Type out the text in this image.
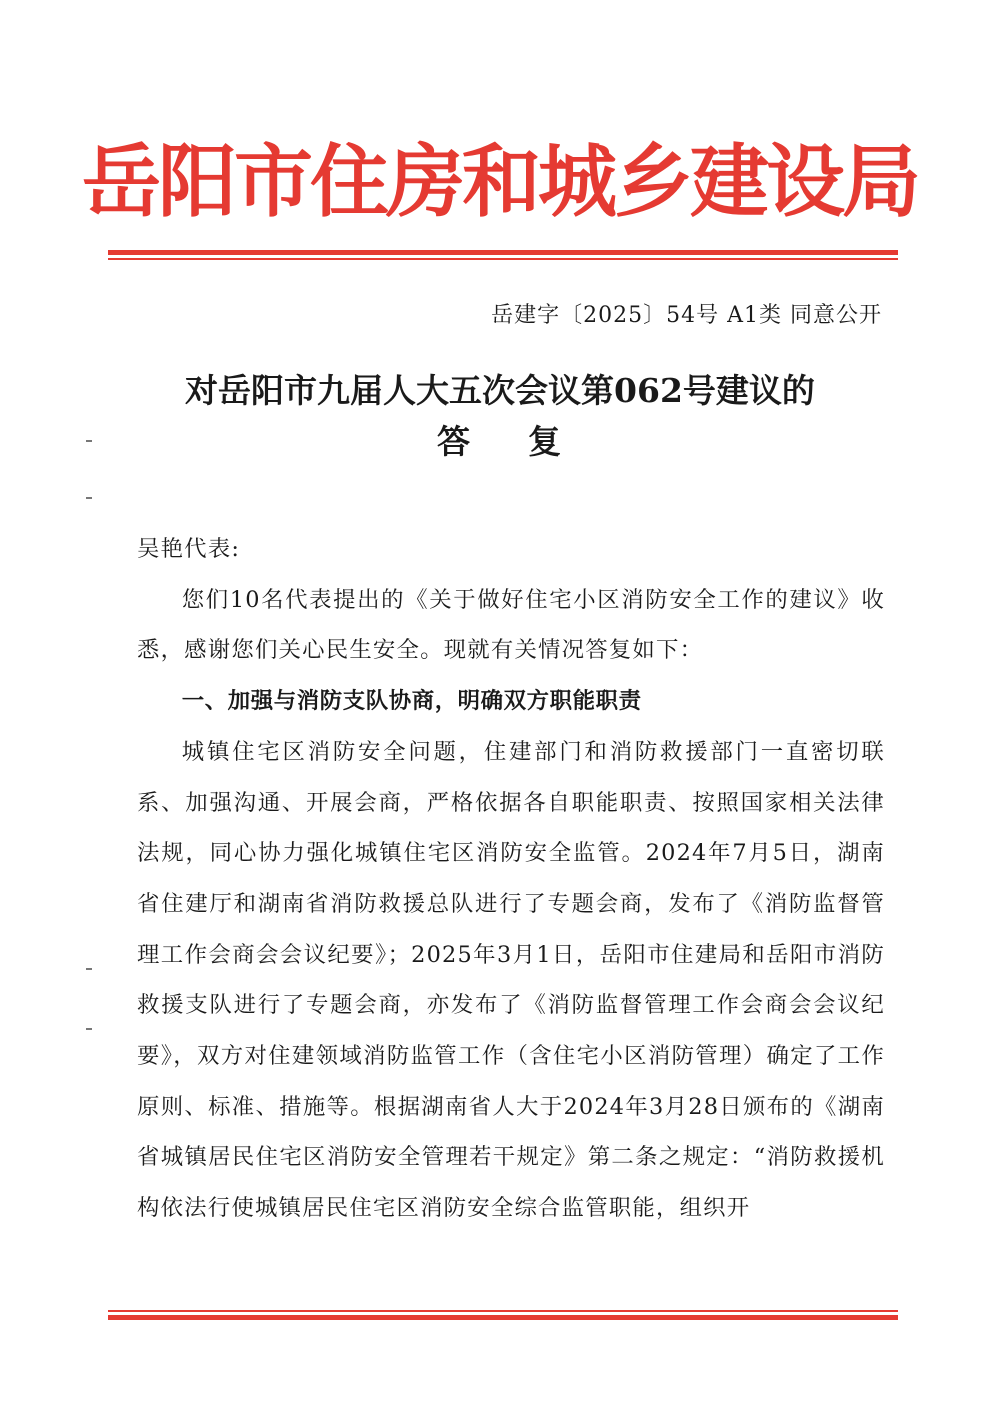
岳阳市住房和城乡建设局
岳建字〔2025〕54号 A1类 同意公开
对岳阳市九届人大五次会议第062号建议的
答 复

吴艳代表:

您们10名代表提出的《关于做好住宅小区消防安全工作的建议》收悉，感谢您们关心民生安全。现就有关情况答复如下：

一、加强与消防支队协商，明确双方职能职责

城镇住宅区消防安全问题，住建部门和消防救援部门一直密切联系、加强沟通、开展会商，严格依据各自职能职责、按照国家相关法律法规，同心协力强化城镇住宅区消防安全监管。2024年7月5日，湖南省住建厅和湖南省消防救援总队进行了专题会商，发布了《消防监督管理工作会商会会议纪要》；2025年3月1日，岳阳市住建局和岳阳市消防救援支队进行了专题会商，亦发布了《消防监督管理工作会商会会议纪要》，双方对住建领域消防监管工作（含住宅小区消防管理）确定了工作原则、标准、措施等。根据湖南省人大于2024年3月28日颁布的《湖南省城镇居民住宅区消防安全管理若干规定》第二条之规定：“消防救援机构依法行使城镇居民住宅区消防安全综合监管职能，组织开
